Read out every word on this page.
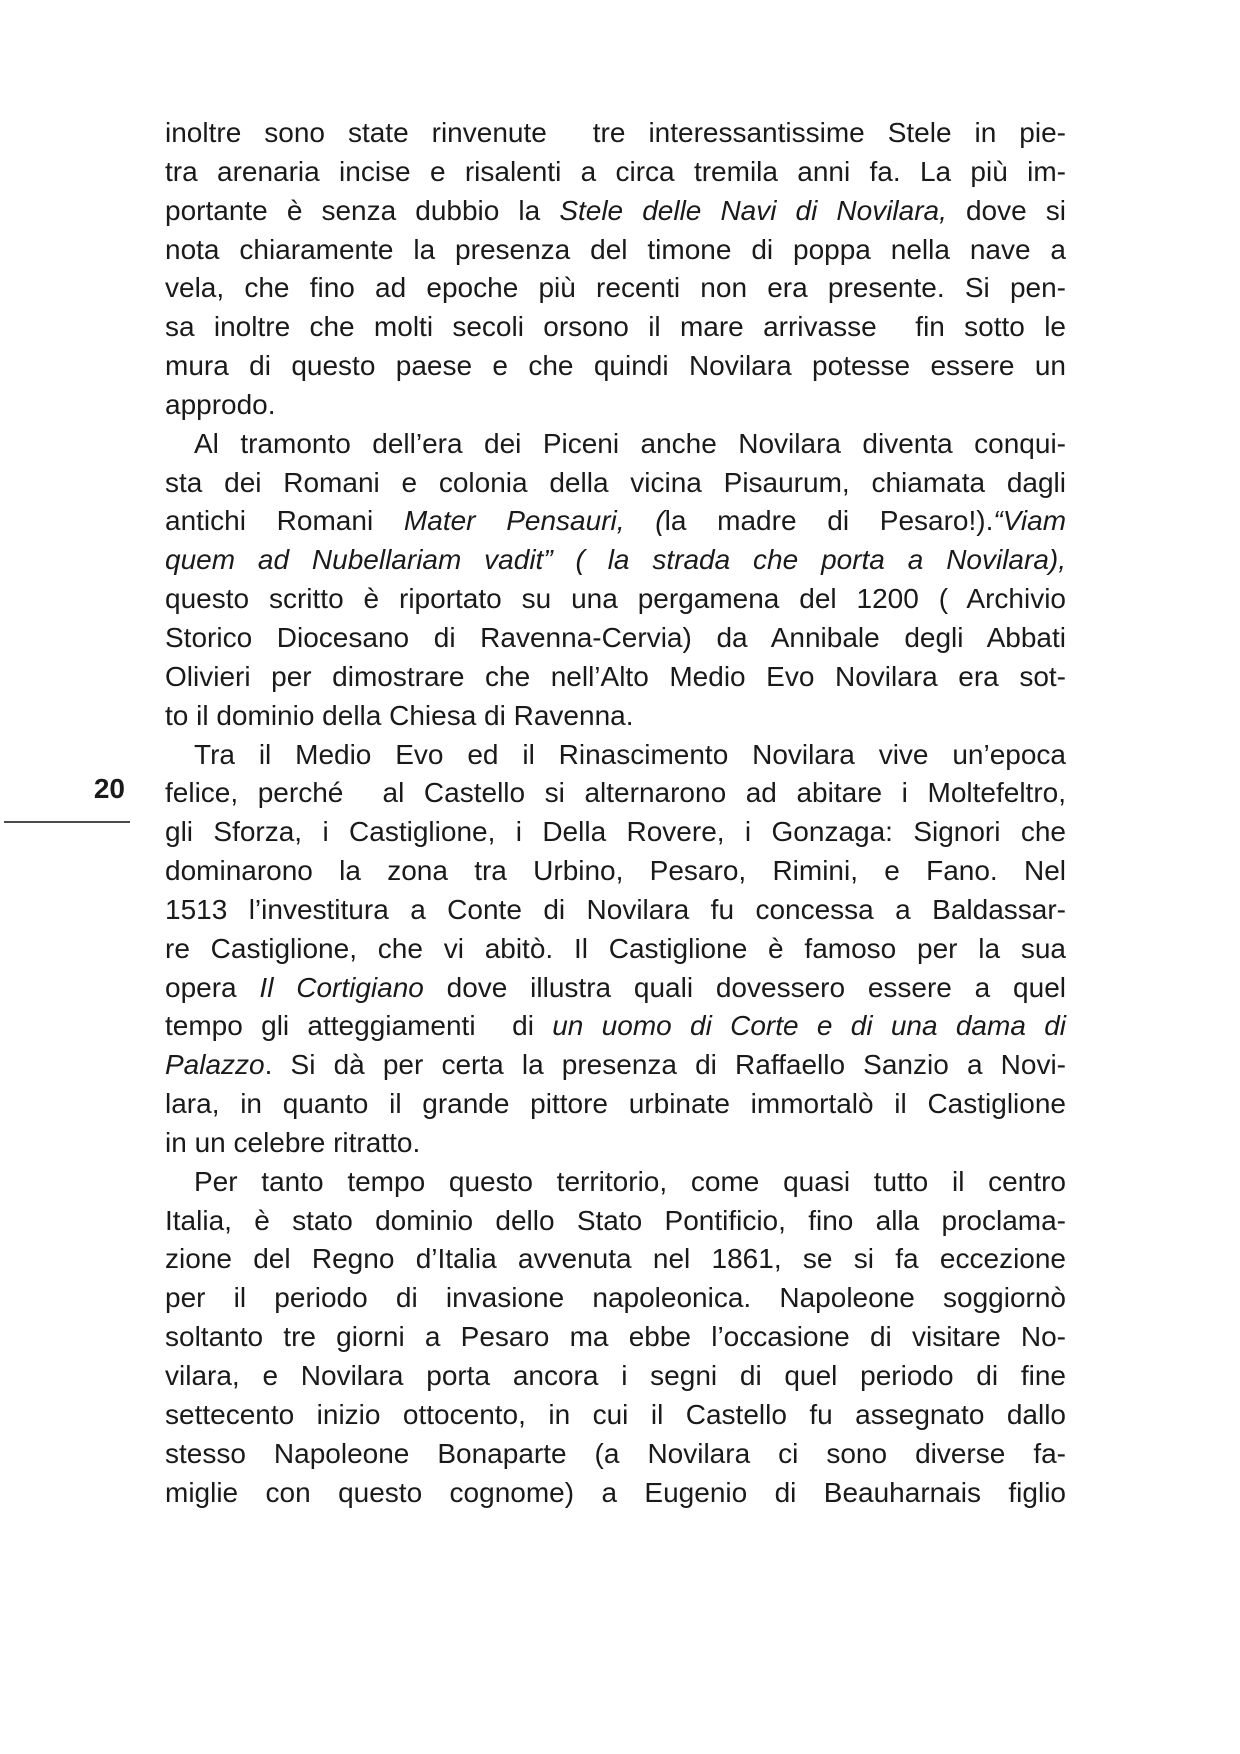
20
inoltre sono state rinvenute  tre interessantissime Stele in pie-
tra arenaria incise e risalenti a circa tremila anni fa. La più im-
portante è senza dubbio la Stele delle Navi di Novilara, dove si
nota chiaramente la presenza del timone di poppa nella nave a
vela, che fino ad epoche più recenti non era presente. Si pen-
sa inoltre che molti secoli orsono il mare arrivasse  fin sotto le
mura di questo paese e che quindi Novilara potesse essere un
approdo.
Al tramonto dell’era dei Piceni anche Novilara diventa conqui-
sta dei Romani e colonia della vicina Pisaurum, chiamata dagli
antichi Romani Mater Pensauri, (la madre di Pesaro!).“Viam
quem ad Nubellariam vadit” ( la strada che porta a Novilara),
questo scritto è riportato su una pergamena del 1200 ( Archivio
Storico Diocesano di Ravenna-Cervia) da Annibale degli Abbati
Olivieri per dimostrare che nell’Alto Medio Evo Novilara era sot-
to il dominio della Chiesa di Ravenna.
Tra il Medio Evo ed il Rinascimento Novilara vive un’epoca
felice, perché  al Castello si alternarono ad abitare i Moltefeltro,
gli Sforza, i Castiglione, i Della Rovere, i Gonzaga: Signori che
dominarono la zona tra Urbino, Pesaro, Rimini, e Fano. Nel
1513 l’investitura a Conte di Novilara fu concessa a Baldassar-
re Castiglione, che vi abitò. Il Castiglione è famoso per la sua
opera Il Cortigiano dove illustra quali dovessero essere a quel
tempo gli atteggiamenti  di un uomo di Corte e di una dama di
Palazzo. Si dà per certa la presenza di Raffaello Sanzio a Novi-
lara, in quanto il grande pittore urbinate immortalò il Castiglione
in un celebre ritratto.
Per tanto tempo questo territorio, come quasi tutto il centro
Italia, è stato dominio dello Stato Pontificio, fino alla proclama-
zione del Regno d’Italia avvenuta nel 1861, se si fa eccezione
per il periodo di invasione napoleonica. Napoleone soggiornò
soltanto tre giorni a Pesaro ma ebbe l’occasione di visitare No-
vilara, e Novilara porta ancora i segni di quel periodo di fine
settecento inizio ottocento, in cui il Castello fu assegnato dallo
stesso Napoleone Bonaparte (a Novilara ci sono diverse fa-
miglie con questo cognome) a Eugenio di Beauharnais figlio
